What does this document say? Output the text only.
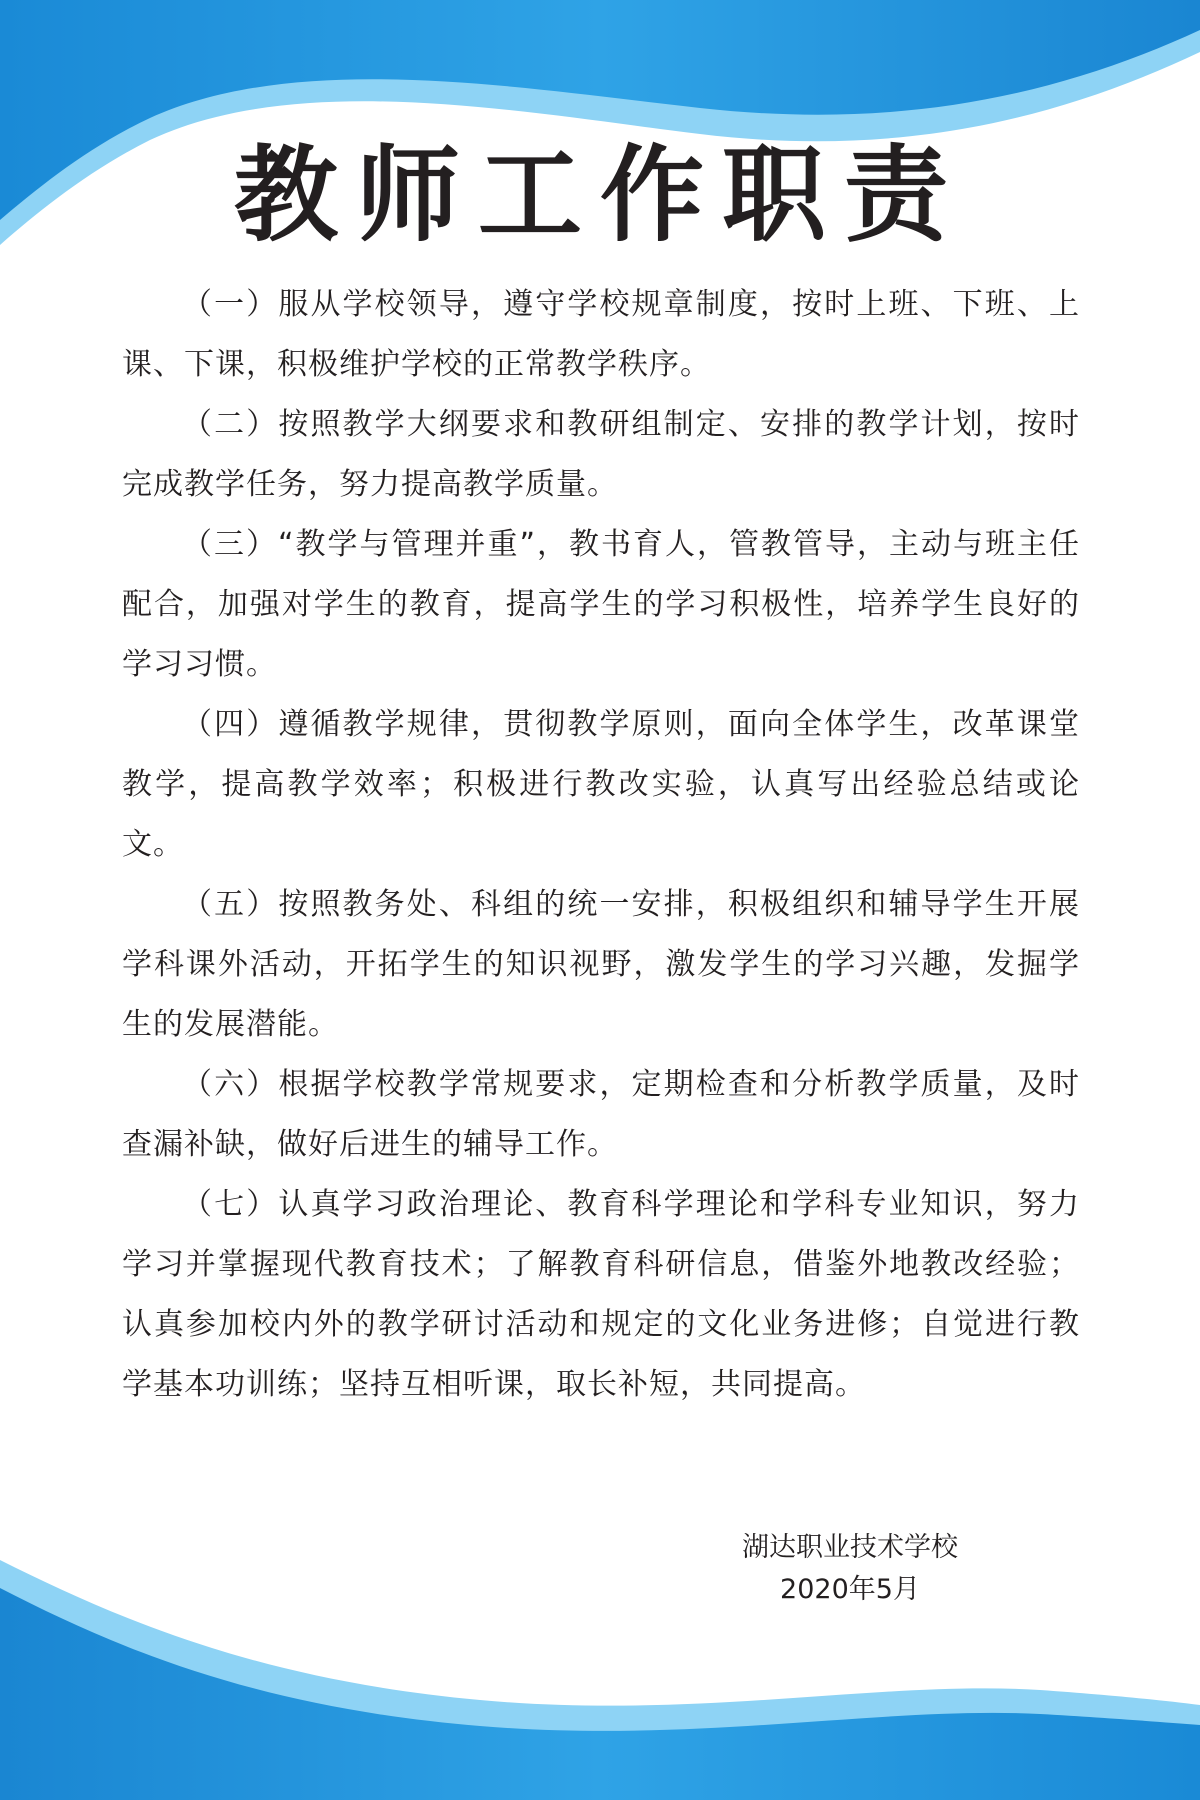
教师工作职责

（一）服从学校领导，遵守学校规章制度，按时上班、下班、上课、下课，积极维护学校的正常教学秩序。

（二）按照教学大纲要求和教研组制定、安排的教学计划，按时完成教学任务，努力提高教学质量。

（三）“教学与管理并重”，教书育人，管教管导，主动与班主任配合，加强对学生的教育，提高学生的学习积极性，培养学生良好的学习习惯。

（四）遵循教学规律，贯彻教学原则，面向全体学生，改革课堂教学，提高教学效率；积极进行教改实验，认真写出经验总结或论文。

（五）按照教务处、科组的统一安排，积极组织和辅导学生开展学科课外活动，开拓学生的知识视野，激发学生的学习兴趣，发掘学生的发展潜能。

（六）根据学校教学常规要求，定期检查和分析教学质量，及时查漏补缺，做好后进生的辅导工作。

（七）认真学习政治理论、教育科学理论和学科专业知识，努力学习并掌握现代教育技术；了解教育科研信息，借鉴外地教改经验；认真参加校内外的教学研讨活动和规定的文化业务进修；自觉进行教学基本功训练；坚持互相听课，取长补短，共同提高。

湖达职业技术学校
2020年5月
